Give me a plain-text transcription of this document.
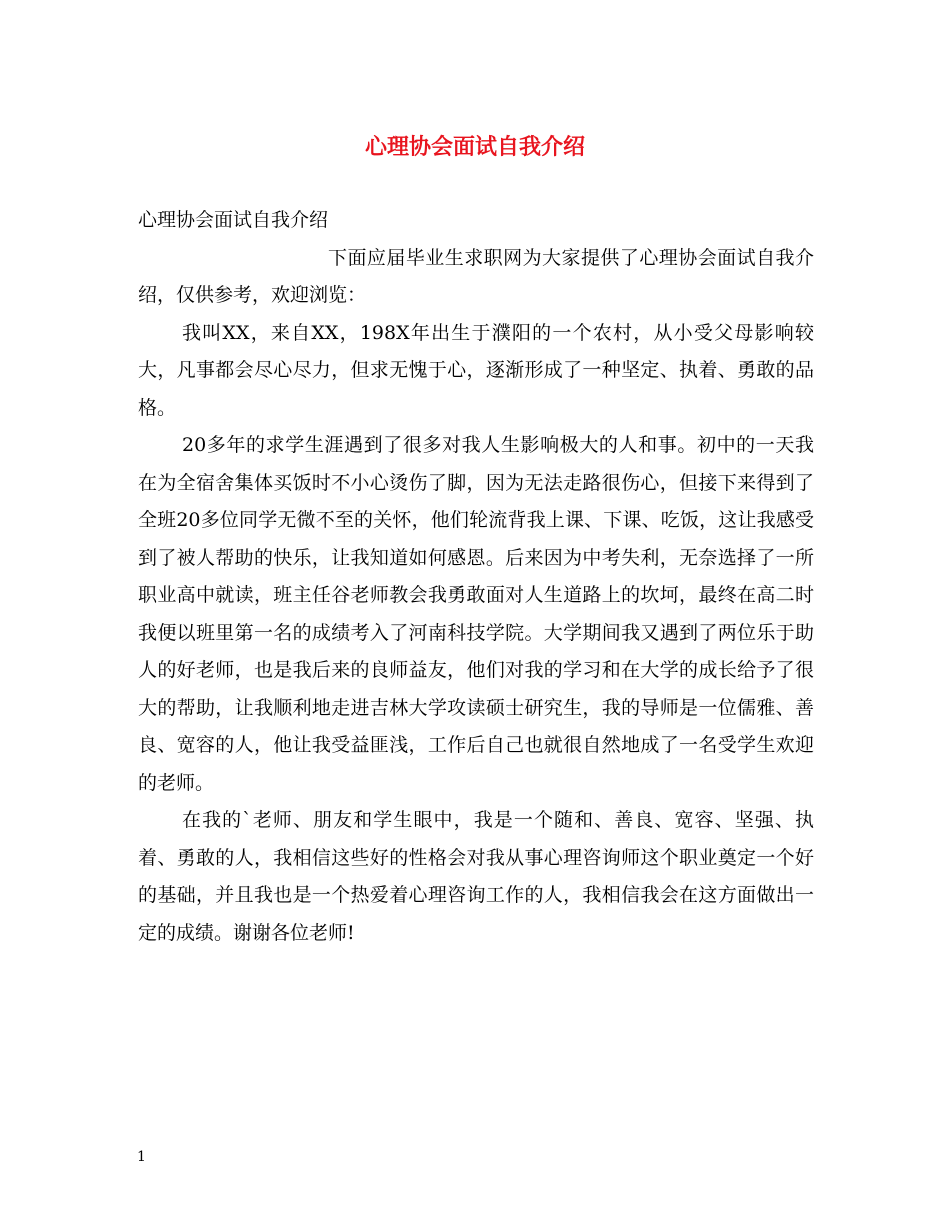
心理协会面试自我介绍

心理协会面试自我介绍

下面应届毕业生求职网为大家提供了心理协会面试自我介绍，仅供参考，欢迎浏览：

我叫XX，来自XX，198X年出生于濮阳的一个农村，从小受父母影响较大，凡事都会尽心尽力，但求无愧于心，逐渐形成了一种坚定、执着、勇敢的品格。

20多年的求学生涯遇到了很多对我人生影响极大的人和事。初中的一天我在为全宿舍集体买饭时不小心烫伤了脚，因为无法走路很伤心，但接下来得到了全班20多位同学无微不至的关怀，他们轮流背我上课、下课、吃饭，这让我感受到了被人帮助的快乐，让我知道如何感恩。后来因为中考失利，无奈选择了一所职业高中就读，班主任谷老师教会我勇敢面对人生道路上的坎坷，最终在高二时我便以班里第一名的成绩考入了河南科技学院。大学期间我又遇到了两位乐于助人的好老师，也是我后来的良师益友，他们对我的学习和在大学的成长给予了很大的帮助，让我顺利地走进吉林大学攻读硕士研究生，我的导师是一位儒雅、善良、宽容的人，他让我受益匪浅，工作后自己也就很自然地成了一名受学生欢迎的老师。

在我的`老师、朋友和学生眼中，我是一个随和、善良、宽容、坚强、执着、勇敢的人，我相信这些好的性格会对我从事心理咨询师这个职业奠定一个好的基础，并且我也是一个热爱着心理咨询工作的人，我相信我会在这方面做出一定的成绩。谢谢各位老师!

1
